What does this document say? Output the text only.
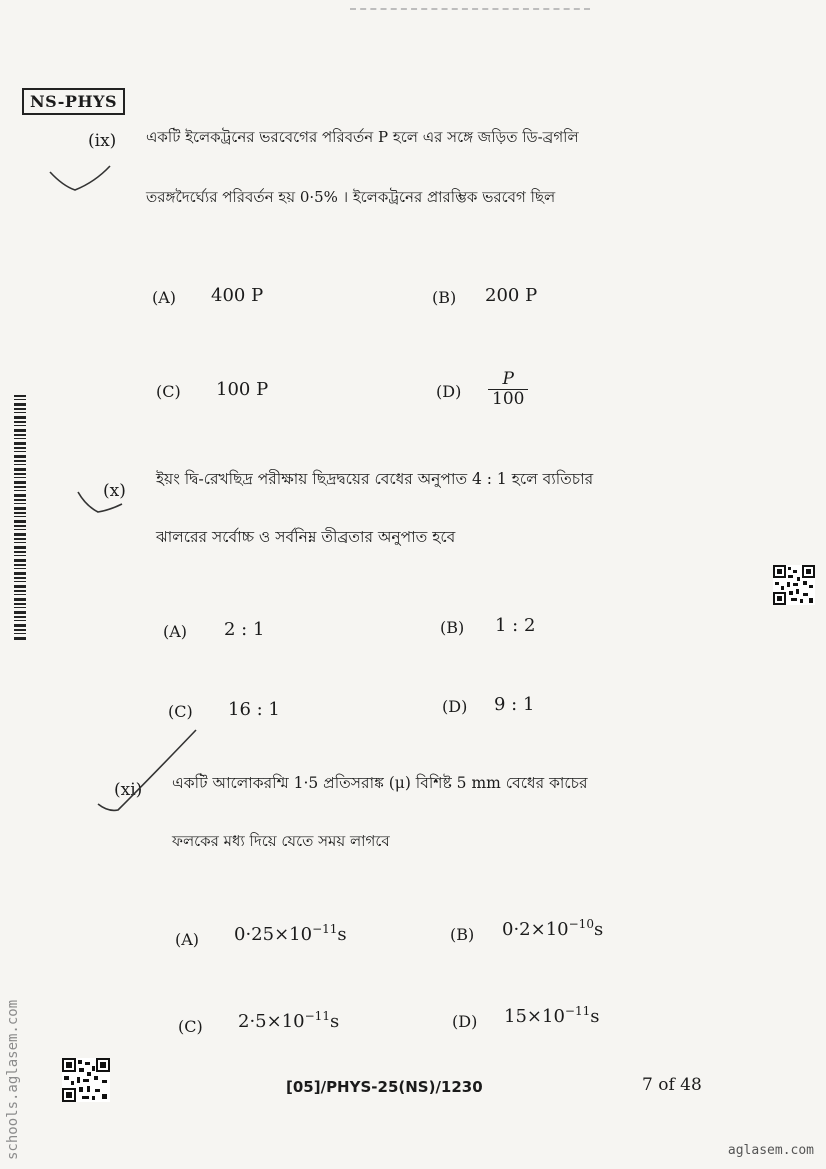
NS-PHYS
(ix) একটি ইলেকট্রনের ভরবেগের পরিবর্তন P হলে এর সঙ্গে জড়িত ডি-ব্রগলি
তরঙ্গদৈর্ঘ্যের পরিবর্তন হয় 0·5% । ইলেকট্রনের প্রারম্ভিক ভরবেগ ছিল
(A) 400 P	(B) 200 P
(C) 100 P	$(D) \frac{P}{100}$
(x)
ইয়ং দ্বি-রেখছিদ্র পরীক্ষায় ছিদ্রদ্বয়ের বেধের অনুপাত 4 : 1 হলে ব্যতিচার
ঝালরের সর্বোচ্চ ও সর্বনিম্ন তীব্রতার অনুপাত হবে
(A) 2 : 1	(B) 1 : 2
(C) 16 : 1	(D) 9 : 1
(xi) একটি আলোকরশ্মি 1·5 প্রতিসরাঙ্ক (μ) বিশিষ্ট 5 mm বেধের কাচের
ফলকের মধ্য দিয়ে যেতে সময় লাগবে
(A) $0\cdot 25\times 10^{-11}s$	(B) $0\cdot 2\times 10^{-10}s$
(C) $2\cdot 5\times 10^{-11}s$	(D) $15\times 10^{-11}s$
[05]/PHYS-25(NS)/1230	7 of 48
schools.aglasem.com	aglasem.com
